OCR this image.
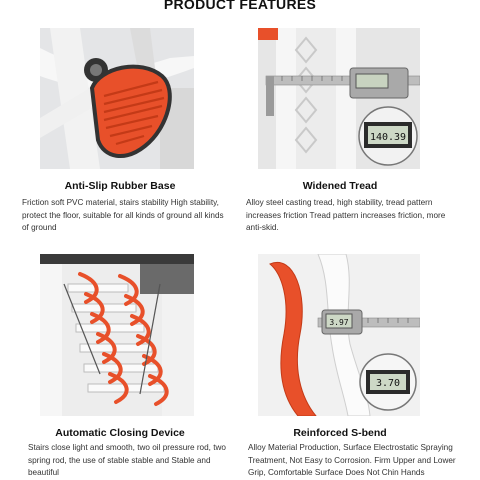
PRODUCT FEATURES
Anti-Slip Rubber Base
Friction soft PVC material, stairs stability High stability, protect the floor, suitable for all kinds of ground all kinds of ground
140.39
Widened Tread
Alloy steel casting tread, high stability, tread pattern increases friction Tread pattern increases friction, more anti-skid.
Automatic Closing Device
Stairs close light and smooth, two oil pressure rod, two spring rod, the use of stable stable and Stable and beautiful
3.97
3.70
Reinforced S-bend
Alloy Material Production, Surface Electrostatic Spraying Treatment, Not Easy to Corrosion. Firm Upper and Lower Grip, Comfortable Surface Does Not Chin Hands
